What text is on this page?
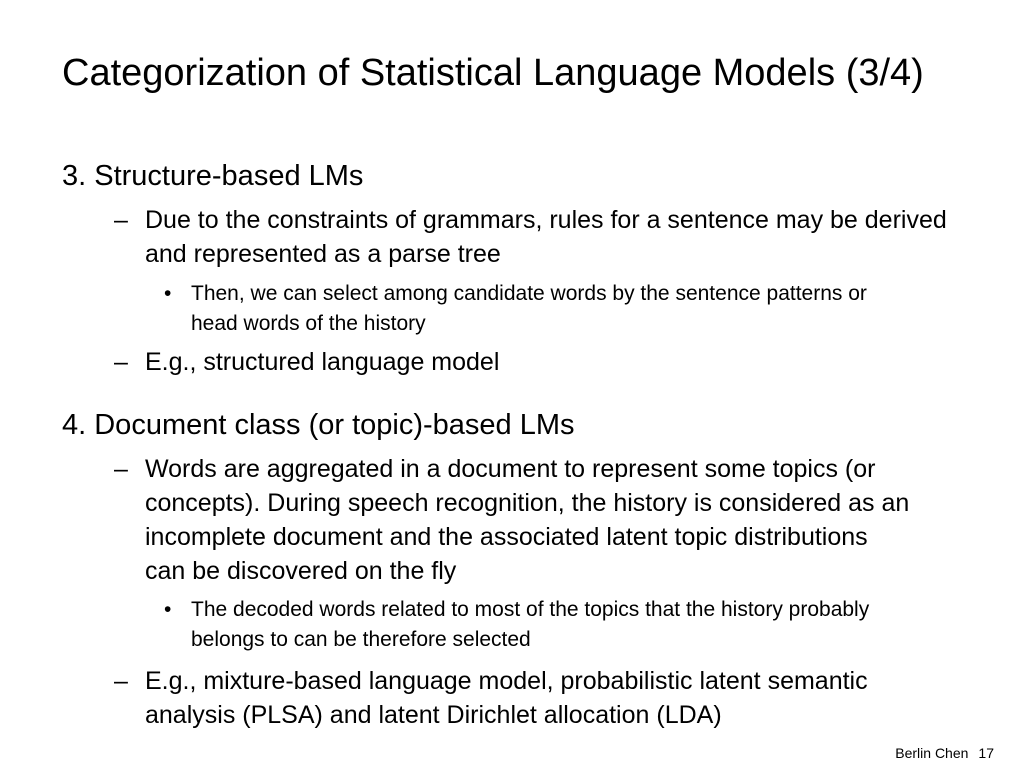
Categorization of Statistical Language Models (3/4)
3. Structure-based LMs
– Due to the constraints of grammars, rules for a sentence may be derived and represented as a parse tree
• Then, we can select among candidate words by the sentence patterns or head words of the history
– E.g., structured language model
4. Document class (or topic)-based LMs
– Words are aggregated in a document to represent some topics (or concepts). During speech recognition, the history is considered as an incomplete document and the associated latent topic distributions can be discovered on the fly
• The decoded words related to most of the topics that the history probably belongs to can be therefore selected
– E.g., mixture-based language model, probabilistic latent semantic analysis (PLSA) and latent Dirichlet allocation (LDA)
Berlin Chen 17
